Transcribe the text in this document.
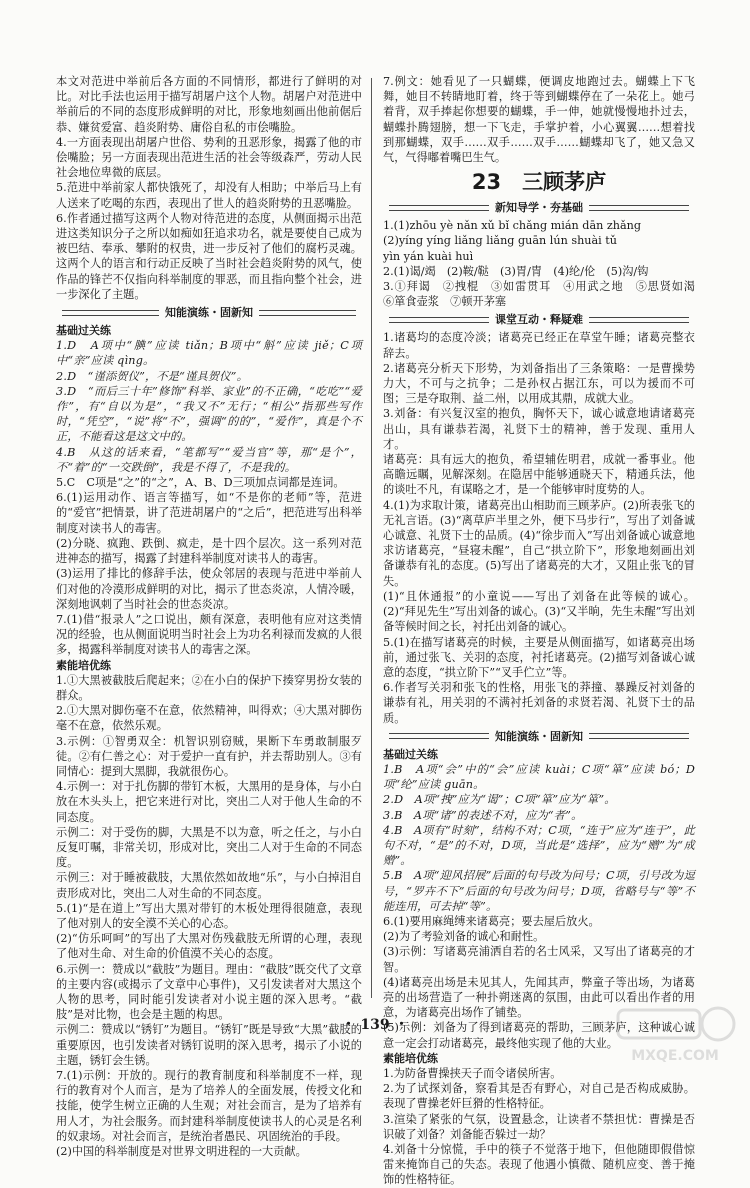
本文对范进中举前后各方面的不同情形，都进行了鲜明的对比。对比手法也运用于描写胡屠户这个人物。胡屠户对范进中举前后的不同的态度形成鲜明的对比，形象地刻画出他前倨后恭、嫌贫爱富、趋炎附势、庸俗自私的市侩嘴脸。

4.一方面表现出胡屠户世俗、势利的丑恶形象，揭露了他的市侩嘴脸；另一方面表现出范进生活的社会等级森严，劳动人民社会地位卑微的底层。

5.范进中举前家人都快饿死了，却没有人相助；中举后马上有人送来了吃喝的东西，表现出了世人的趋炎附势的丑恶嘴脸。

6.作者通过描写这两个人物对待范进的态度，从侧面揭示出范进这类知识分子之所以如痴如狂追求功名，就是要使自己成为被巴结、奉承、攀附的权贵，进一步反衬了他们的腐朽灵魂。这两个人的语言和行动正反映了当时社会趋炎附势的风气，使作品的锋芒不仅指向科举制度的罪恶，而且指向整个社会，进一步深化了主题。

知能演练・固新知
基础过关练

1.D　A项中“腆”应读 tiǎn；B项中“斛”应读 jiě；C项中“亲”应读 qìng。

2.D　“谨添贺仪”，不是“谨具贺仪”。

3.D　“而后三十年”修饰“科举、家业”的不正确，“吃吃”“爱作”，有“自以为是”，“我又不”无行；“相公”指那些写作时，“凭空”，“说”将“不”，强调“的的”，“爱作”，真是个不正，不能看这是这文中的。

4.B　从这的话来看，“笔都写”“爱当官”等，那“是个”，不“着”的“一交跌倒”，我是不得了，不是我的。

5.C　C项是“之”的“之”，A、B、D三项加点词都是连词。

6.(1)运用动作、语言等描写，如“不是你的老师”等，范进的“爱官”把情景，讲了范进胡屠户的“之后”，把范进写出科举制度对读书人的毒害。

(2)分晓、疯跑、跌倒、疯走，是十四个层次。这一系列对范进神态的描写，揭露了封建科举制度对读书人的毒害。

(3)运用了排比的修辞手法，使众邻居的表现与范进中举前人们对他的冷漠形成鲜明的对比，揭示了世态炎凉，人情冷暖，深刻地讽刺了当时社会的世态炎凉。

7.(1)借“报录人”之口说出，颇有深意，表明他有应对这类情况的经验，也从侧面说明当时社会上为功名利禄而发疯的人很多，揭露科举制度对读书人的毒害之深。

素能培优练

1.①大黑被截肢后爬起来；②在小白的保护下揍穿男扮女装的群众。

2.①大黑对脚伤毫不在意，依然精神，叫得欢；④大黑对脚伤毫不在意，依然乐观。

3.示例：①智勇双全：机智识别窃贼，果断下车勇敢制服歹徒。②有仁善之心：对于爱护一直有护，并去帮助别人。③有同情心：提到大黑脚，我就很伤心。

4.示例一：对于扎伤脚的带钉木板，大黑用的是身体，与小白放在木头头上，把它来进行对比，突出二人对于他人生命的不同态度。

示例二：对于受伤的脚，大黑是不以为意，听之任之，与小白反复叮嘱，非常关切，形成对比，突出二人对于生命的不同态度。

示例三：对于睡被截肢，大黑依然如故地“乐”，与小白掉泪自责形成对比，突出二人对生命的不同态度。

5.(1)“是在道上”写出大黑对带钉的木板处理得很随意，表现了他对别人的安全漠不关心的心态。

(2)“仿乐呵呵”的写出了大黑对伤残截肢无所谓的心理，表现了他对生命、对生命的价值漠不关心的态度。

6.示例一：赞成以“截肢”为题目。理由：“截肢”既交代了文章的主要内容(或揭示了文章中心事件)，又引发读者对大黑这个人物的思考，同时能引发读者对小说主题的深入思考。“截肢”是对比物，也会是主题的构思。

示例二：赞成以“锈钉”为题目。“锈钉”既是导致“大黑”截肢的重要原因，也引发读者对锈钉说明的深入思考，揭示了小说的主题，锈钉会生锈。

7.(1)示例：开放的。现行的教育制度和科举制度不一样，现行的教育对个人而言，是为了培养人的全面发展，传授文化和技能，使学生树立正确的人生观；对社会而言，是为了培养有用人才，为社会服务。而封建科举制度使读书人的心灵是名利的奴隶场。对社会而言，是统治者愚民、巩固统治的手段。

(2)中国的科举制度是对世界文明进程的一大贡献。

7.例文：她看见了一只蝴蝶，便调皮地跑过去。蝴蝶上下飞舞，她目不转睛地盯着，终于等到蝴蝶停在了一朵花上。她弓着背，双手捧起你想要的蝴蝶，手一伸，她就慢慢地扑过去，蝴蝶扑腾翅膀，想一下飞走，手掌护着，小心翼翼……想着找到那蝴蝶，双手……双手……双手……蝴蝶却飞了，她又急又气，气得嘟着嘴巴生气。

23　三顾茅庐
新知导学・夯基础

1.(1)zhōu yè nǎn xǔ bǐ chǎng mián dān zhǎng

(2)yíng yíng liǎng liǎng guān lún shuài tǔ

yìn yán kuài huì

2.(1)谒/竭　(2)鞍/鞑　(3)胃/冑　(4)纶/伦　(5)沟/钩

3.①拜谒　②拽棍　③如雷贯耳　④用武之地　⑤思贤如渴　⑥箪食壶浆　⑦顿开茅塞

课堂互动・释疑难

1.诸葛均的态度冷淡；诸葛亮已经正在草堂午睡；诸葛亮整衣辞去。

2.诸葛亮分析天下形势，为刘备指出了三条策略：一是曹操势力大，不可与之抗争；二是孙权占据江东，可以为援而不可图；三是夺取荆、益二州，以用成其鼎，成就大业。

3.刘备：有兴复汉室的抱负，胸怀天下，诚心诚意地请诸葛亮出山，具有谦恭若渴，礼贤下士的精神，善于发现、重用人才。

诸葛亮：具有远大的抱负，希望辅佐明君，成就一番事业。他高瞻远瞩，见解深刻。在隐居中能够通晓天下，精通兵法，他的谈吐不凡，有谋略之才，是一个能够审时度势的人。

4.(1)为求取计策，诸葛亮出山相助而三顾茅庐。(2)所表张飞的无礼言语。(3)“离草庐半里之外，便下马步行”，写出了刘备诚心诚意、礼贤下士的品质。(4)“徐步而入”写出刘备诚心诚意地求访诸葛亮，“昼寝未醒”，自己“拱立阶下”，形象地刻画出刘备谦恭有礼的态度。(5)写出了诸葛亮的大才，又阻止张飞的冒失。

(1)“且休通报”的小童说——写出了刘备在此等候的诚心。(2)“拜见先生”写出刘备的诚心。(3)“又半晌，先生未醒”写出刘备等候时间之长，衬托出刘备的诚心。

5.(1)在描写诸葛亮的时候，主要是从侧面描写，如诸葛亮出场前，通过张飞、关羽的态度，衬托诸葛亮。(2)描写刘备诚心诚意的态度，“拱立阶下”“叉手伫立”等。

6.作者写关羽和张飞的性格，用张飞的莽撞、暴躁反衬刘备的谦恭有礼，用关羽的不满衬托刘备的求贤若渴、礼贤下士的品质。

知能演练・固新知
基础过关练

1.B　A项“会”中的“会”应读 kuài；C项“箪”应读 bó；D项“纶”应读 guān。

2.D　A项“拽”应为“谒”；C项“箪”应为“箪”。

3.B　A项“诸”的表述不对，应为“者”。

4.B　A项有“时刻”，结构不对；C项，“连于”应为“连于”，此句不对，“是”的不对，D项，当此是“选择”，应为“赠”为“成赠”。

5.B　A项“迎风招展”后面的句号改为问号；C项，引号改为逗号，“罗卉不下”后面的句号改为问号；D项，省略号与“等”不能连用，可去掉“等”。

6.(1)要用麻绳缚来诸葛亮；要去屋后放火。

(2)为了考验刘备的诚心和耐性。

(3)示例：写诸葛亮浦洒自若的名士风采，又写出了诸葛亮的才智。

(4)诸葛亮出场是未见其人，先闻其声，弊童子等出场，为诸葛亮的出场营造了一种扑朔迷离的氛围，由此可以看出作者的用意，为诸葛亮出场作了铺垫。

(5)示例：刘备为了得到诸葛亮的帮助，三顾茅庐，这种诚心诚意一定会打动诸葛亮，最终他实现了他的大业。

素能培优练

1.为防备曹操挟天子而令诸侯所害。

2.为了试探刘备，察看其是否有野心，对自己是否构成威胁。表现了曹操老奸巨猾的性格特征。

3.渲染了紧张的气氛，设置悬念，让读者不禁担忧：曹操是否识破了刘备？刘备能否躲过一劫？

4.刘备十分惊慌，手中的筷子不觉落于地下，但他随即假借惊雷来掩饰自己的失态。表现了他遇小慎微、随机应变、善于掩饰的性格特征。

・ 139 ・
MXQE.COM
